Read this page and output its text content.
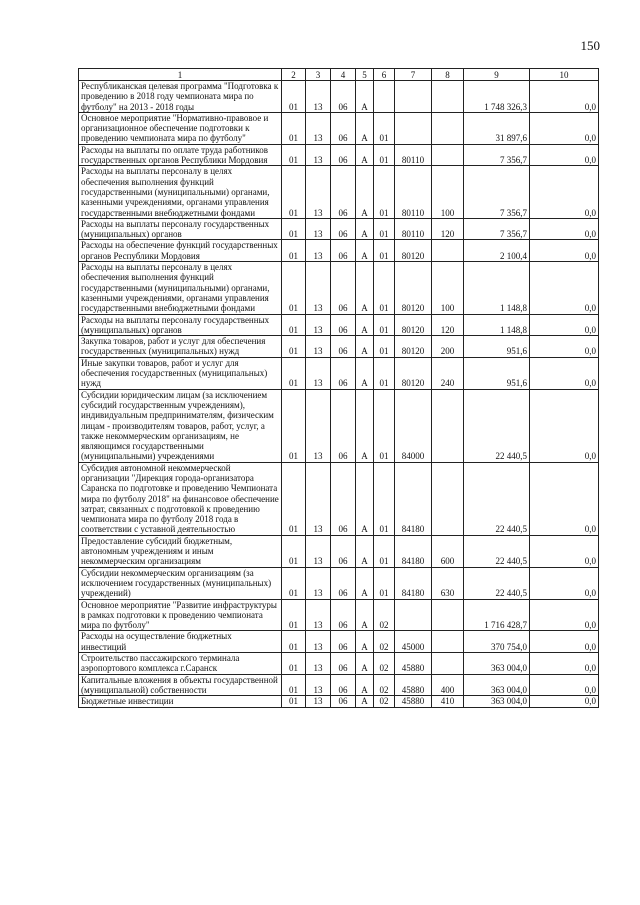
150
1	2	3	4	5	6	7	8	9	10
Республиканская целевая программа "Подготовка к проведению в 2018 году чемпионата мира по футболу" на 2013 - 2018 годы	01	13	06	А				1 748 326,3	0,0
Основное мероприятие "Нормативно-правовое и организационное обеспечение подготовки к проведению чемпионата мира по футболу"	01	13	06	А	01			31 897,6	0,0
Расходы на выплаты по оплате труда работников государственных органов Республики Мордовия	01	13	06	А	01	80110		7 356,7	0,0
Расходы на выплаты персоналу в целях обеспечения выполнения функций государственными (муниципальными) органами, казенными учреждениями, органами управления государственными внебюджетными фондами	01	13	06	А	01	80110	100	7 356,7	0,0
Расходы на выплаты персоналу государственных (муниципальных) органов	01	13	06	А	01	80110	120	7 356,7	0,0
Расходы на обеспечение функций государственных органов Республики Мордовия	01	13	06	А	01	80120		2 100,4	0,0
Расходы на выплаты персоналу в целях обеспечения выполнения функций государственными (муниципальными) органами, казенными учреждениями, органами управления государственными внебюджетными фондами	01	13	06	А	01	80120	100	1 148,8	0,0
Расходы на выплаты персоналу государственных (муниципальных) органов	01	13	06	А	01	80120	120	1 148,8	0,0
Закупка товаров, работ и услуг для обеспечения государственных (муниципальных) нужд	01	13	06	А	01	80120	200	951,6	0,0
Иные закупки товаров, работ и услуг для обеспечения государственных (муниципальных) нужд	01	13	06	А	01	80120	240	951,6	0,0
Субсидии юридическим лицам (за исключением субсидий государственным учреждениям), индивидуальным предпринимателям, физическим лицам - производителям товаров, работ, услуг, а также некоммерческим организациям, не являющимся государственными (муниципальными) учреждениями	01	13	06	А	01	84000		22 440,5	0,0
Субсидия автономной некоммерческой организации "Дирекция города-организатора Саранска по подготовке и проведению Чемпионата мира по футболу 2018" на финансовое обеспечение затрат, связанных с подготовкой к проведению чемпионата мира по футболу 2018 года в соответствии с уставной деятельностью	01	13	06	А	01	84180		22 440,5	0,0
Предоставление субсидий бюджетным, автономным учреждениям и иным некоммерческим организациям	01	13	06	А	01	84180	600	22 440,5	0,0
Субсидии некоммерческим организациям (за исключением государственных (муниципальных) учреждений)	01	13	06	А	01	84180	630	22 440,5	0,0
Основное мероприятие "Развитие инфраструктуры в рамках подготовки к проведению чемпионата мира по футболу"	01	13	06	А	02			1 716 428,7	0,0
Расходы на осуществление бюджетных инвестиций	01	13	06	А	02	45000		370 754,0	0,0
Строительство пассажирского терминала аэропортового комплекса г.Саранск	01	13	06	А	02	45880		363 004,0	0,0
Капитальные вложения в объекты государственной (муниципальной) собственности	01	13	06	А	02	45880	400	363 004,0	0,0
Бюджетные инвестиции	01	13	06	А	02	45880	410	363 004,0	0,0
